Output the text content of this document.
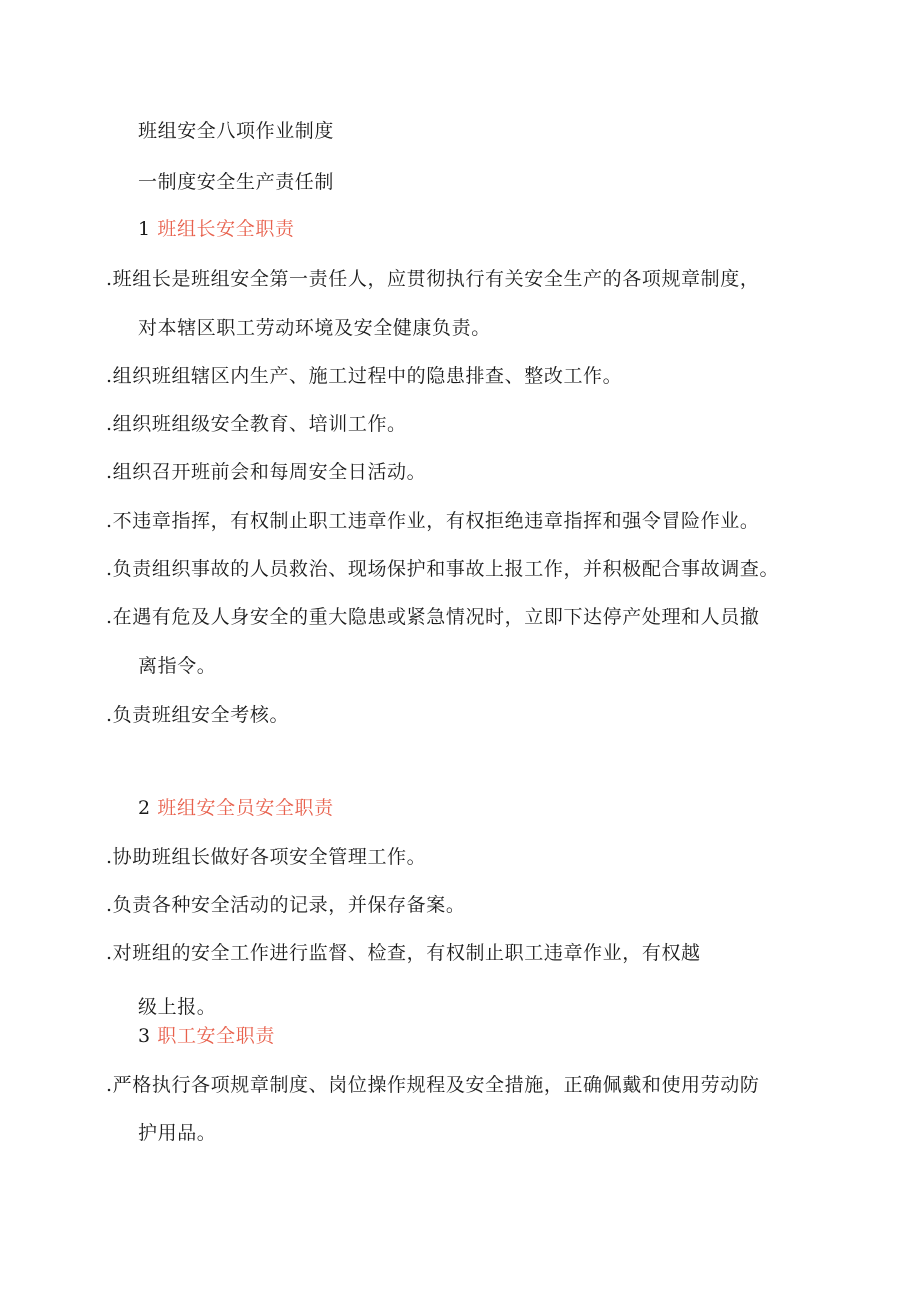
班组安全八项作业制度
一制度安全生产责任制
1 班组长安全职责
.班组长是班组安全第一责任人，应贯彻执行有关安全生产的各项规章制度，
对本辖区职工劳动环境及安全健康负责。
.组织班组辖区内生产、施工过程中的隐患排查、整改工作。
.组织班组级安全教育、培训工作。
.组织召开班前会和每周安全日活动。
.不违章指挥，有权制止职工违章作业，有权拒绝违章指挥和强令冒险作业。
.负责组织事故的人员救治、现场保护和事故上报工作，并积极配合事故调查。
.在遇有危及人身安全的重大隐患或紧急情况时，立即下达停产处理和人员撤
离指令。
.负责班组安全考核。
2 班组安全员安全职责
.协助班组长做好各项安全管理工作。
.负责各种安全活动的记录，并保存备案。
.对班组的安全工作进行监督、检查，有权制止职工违章作业，有权越
级上报。
3 职工安全职责
.严格执行各项规章制度、岗位操作规程及安全措施，正确佩戴和使用劳动防
护用品。
